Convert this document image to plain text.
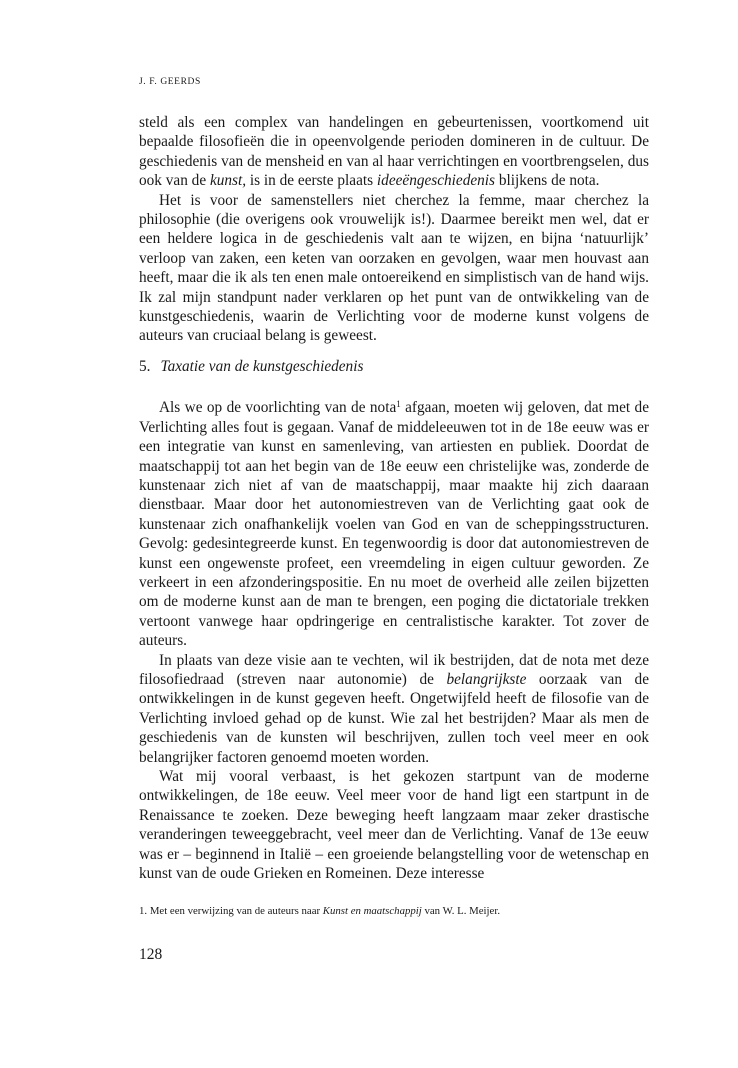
J. F. GEERDS

steld als een complex van handelingen en gebeurtenissen, voortkomend uit bepaalde filosofieën die in opeenvolgende perioden domineren in de cultuur. De geschiedenis van de mensheid en van al haar verrichtingen en voortbrengselen, dus ook van de kunst, is in de eerste plaats ideeëngeschiedenis blijkens de nota.

Het is voor de samenstellers niet cherchez la femme, maar cherchez la philosophie (die overigens ook vrouwelijk is!). Daarmee bereikt men wel, dat er een heldere logica in de geschiedenis valt aan te wijzen, en bijna ‘natuurlijk’ verloop van zaken, een keten van oorzaken en gevolgen, waar men houvast aan heeft, maar die ik als ten enen male ontoereikend en simplistisch van de hand wijs. Ik zal mijn standpunt nader verklaren op het punt van de ontwikkeling van de kunstgeschiedenis, waarin de Verlichting voor de moderne kunst volgens de auteurs van cruciaal belang is geweest.

5. Taxatie van de kunstgeschiedenis

Als we op de voorlichting van de nota$^1$ afgaan, moeten wij geloven, dat met de Verlichting alles fout is gegaan. Vanaf de middeleeuwen tot in de 18e eeuw was er een integratie van kunst en samenleving, van artiesten en publiek. Doordat de maatschappij tot aan het begin van de 18e eeuw een christelijke was, zonderde de kunstenaar zich niet af van de maatschappij, maar maakte hij zich daaraan dienstbaar. Maar door het autonomiestreven van de Verlichting gaat ook de kunstenaar zich onafhankelijk voelen van God en van de scheppingsstructuren. Gevolg: gedesintegreerde kunst. En tegenwoordig is door dat autonomiestreven de kunst een ongewenste profeet, een vreemdeling in eigen cultuur geworden. Ze verkeert in een afzonderingspositie. En nu moet de overheid alle zeilen bijzetten om de moderne kunst aan de man te brengen, een poging die dictatoriale trekken vertoont vanwege haar opdringerige en centralistische karakter. Tot zover de auteurs.

In plaats van deze visie aan te vechten, wil ik bestrijden, dat de nota met deze filosofiedraad (streven naar autonomie) de belangrijkste oorzaak van de ontwikkelingen in de kunst gegeven heeft. Ongetwijfeld heeft de filosofie van de Verlichting invloed gehad op de kunst. Wie zal het bestrijden? Maar als men de geschiedenis van de kunsten wil beschrijven, zullen toch veel meer en ook belangrijker factoren genoemd moeten worden.

Wat mij vooral verbaast, is het gekozen startpunt van de moderne ontwikkelingen, de 18e eeuw. Veel meer voor de hand ligt een startpunt in de Renaissance te zoeken. Deze beweging heeft langzaam maar zeker drastische veranderingen teweeggebracht, veel meer dan de Verlichting. Vanaf de 13e eeuw was er – beginnend in Italië – een groeiende belangstelling voor de wetenschap en kunst van de oude Grieken en Romeinen. Deze interesse

1. Met een verwijzing van de auteurs naar Kunst en maatschappij van W. L. Meijer.
128
